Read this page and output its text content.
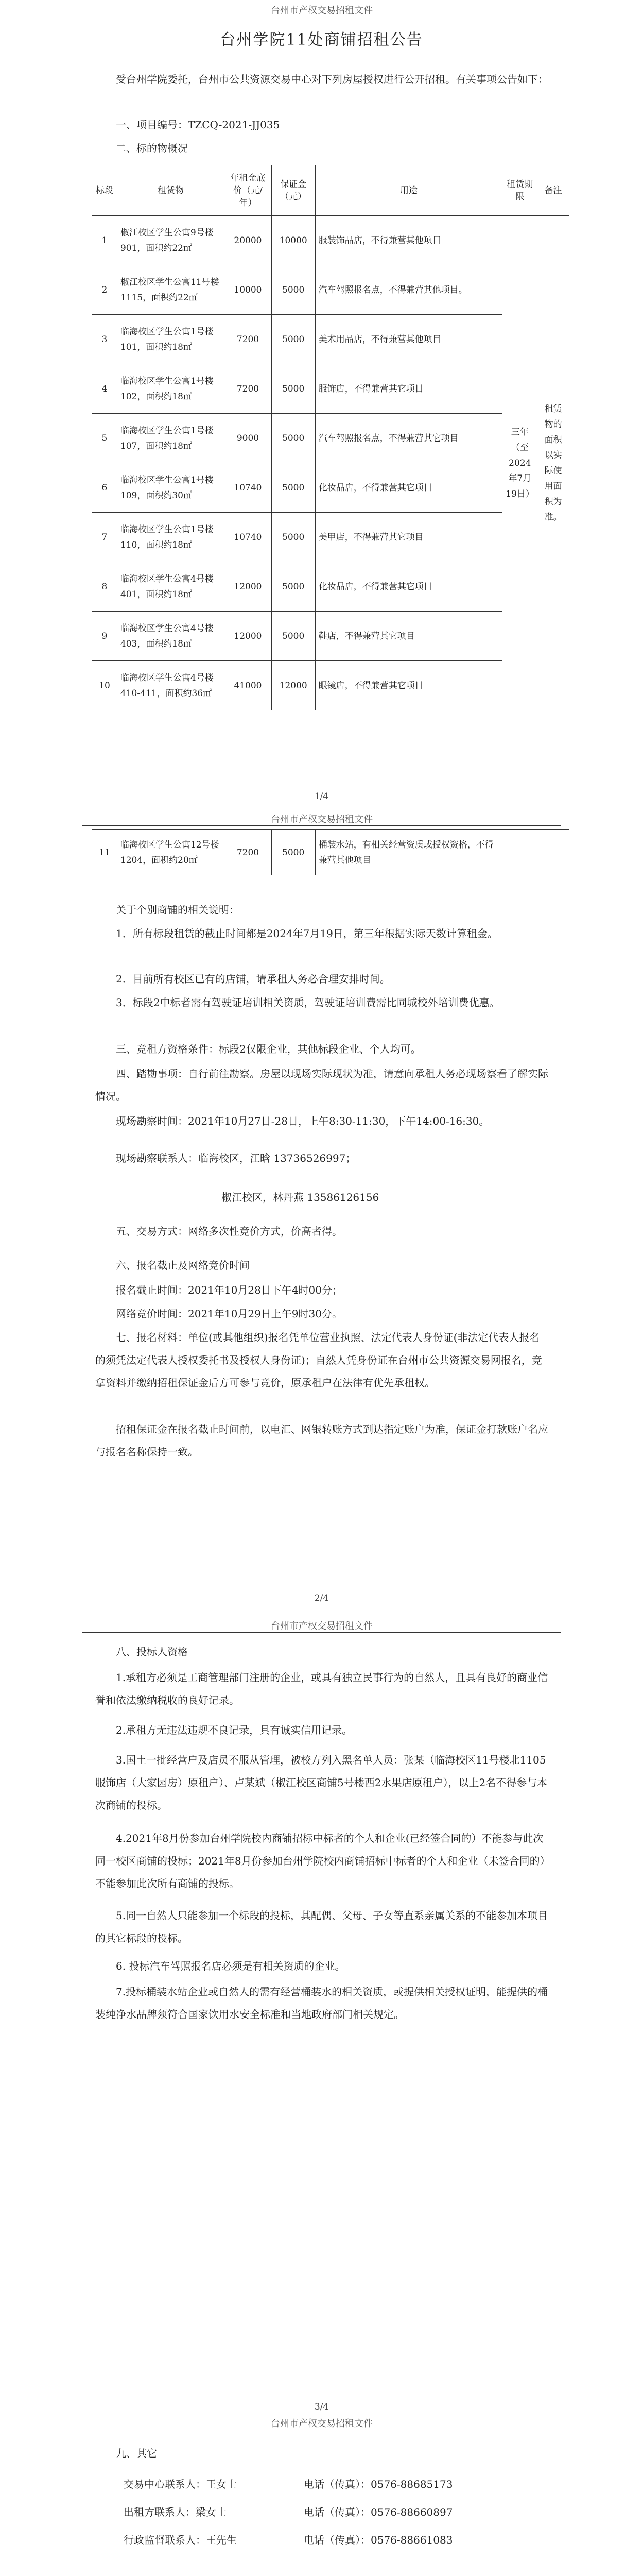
台州市产权交易招租文件
台州学院11处商铺招租公告
受台州学院委托，台州市公共资源交易中心对下列房屋授权进行公开招租。有关事项公告如下：
一、项目编号：TZCQ-2021-JJ035
二、标的物概况
标段	租赁物	年租金底价（元/年）	保证金（元）	用途	租赁期限	备注
1	椒江校区学生公寓9号楼901，面积约22㎡	20000	10000	服装饰品店，不得兼营其他项目	三年（至2024年7月19日）	租赁物的面积以实际使用面积为准。
2	椒江校区学生公寓11号楼1115，面积约22㎡	10000	5000	汽车驾照报名点，不得兼营其他项目。		
3	临海校区学生公寓1号楼101，面积约18㎡	7200	5000	美术用品店，不得兼营其他项目		
4	临海校区学生公寓1号楼102，面积约18㎡	7200	5000	服饰店，不得兼营其它项目		
5	临海校区学生公寓1号楼107，面积约18㎡	9000	5000	汽车驾照报名点，不得兼营其它项目		
6	临海校区学生公寓1号楼109，面积约30㎡	10740	5000	化妆品店，不得兼营其它项目		
7	临海校区学生公寓1号楼110，面积约18㎡	10740	5000	美甲店，不得兼营其它项目		
8	临海校区学生公寓4号楼401，面积约18㎡	12000	5000	化妆品店，不得兼营其它项目		
9	临海校区学生公寓4号楼403，面积约18㎡	12000	5000	鞋店，不得兼营其它项目		
10	临海校区学生公寓4号楼410-411，面积约36㎡	41000	12000	眼镜店，不得兼营其它项目		
1/4
台州市产权交易招租文件
11	临海校区学生公寓12号楼1204，面积约20㎡	7200	5000	桶装水站，有相关经营资质或授权资格，不得兼营其他项目		
关于个别商铺的相关说明：
1．所有标段租赁的截止时间都是2024年7月19日，第三年根据实际天数计算租金。
2．目前所有校区已有的店铺，请承租人务必合理安排时间。
3．标段2中标者需有驾驶证培训相关资质，驾驶证培训费需比同城校外培训费优惠。
三、竞租方资格条件：标段2仅限企业，其他标段企业、个人均可。
四、踏勘事项：自行前往勘察。房屋以现场实际现状为准，请意向承租人务必现场察看了解实际情况。
现场勘察时间：2021年10月27日-28日，上午8:30-11:30，下午14:00-16:30。
现场勘察联系人：临海校区，江晗 13736526997；
椒江校区，林丹燕 13586126156
五、交易方式：网络多次性竞价方式，价高者得。
六、报名截止及网络竞价时间
报名截止时间：2021年10月28日下午4时00分；
网络竞价时间：2021年10月29日上午9时30分。
七、报名材料：单位(或其他组织)报名凭单位营业执照、法定代表人身份证(非法定代表人报名的须凭法定代表人授权委托书及授权人身份证)；自然人凭身份证在台州市公共资源交易网报名，竞拿资料并缴纳招租保证金后方可参与竞价，原承租户在法律有优先承租权。
招租保证金在报名截止时间前，以电汇、网银转账方式到达指定账户为准，保证金打款账户名应与报名名称保持一致。
2/4
台州市产权交易招租文件
八、投标人资格
1.承租方必须是工商管理部门注册的企业，或具有独立民事行为的自然人，且具有良好的商业信誉和依法缴纳税收的良好记录。
2.承租方无违法违规不良记录，具有诚实信用记录。
3.国土一批经营户及店员不服从管理，被校方列入黑名单人员：张某（临海校区11号楼北1105服饰店（大家园房）原租户）、卢某斌（椒江校区商铺5号楼西2水果店原租户），以上2名不得参与本次商铺的投标。
4.2021年8月份参加台州学院校内商铺招标中标者的个人和企业(已经签合同的）不能参与此次同一校区商铺的投标；2021年8月份参加台州学院校内商铺招标中标者的个人和企业（未签合同的）不能参加此次所有商铺的投标。
5.同一自然人只能参加一个标段的投标，其配偶、父母、子女等直系亲属关系的不能参加本项目的其它标段的投标。
6. 投标汽车驾照报名店必须是有相关资质的企业。
7.投标桶装水站企业或自然人的需有经营桶装水的相关资质，或提供相关授权证明，能提供的桶装纯净水品牌须符合国家饮用水安全标准和当地政府部门相关规定。
3/4
台州市产权交易招租文件
九、其它
交易中心联系人：王女士	电话（传真）：0576-88685173
出租方联系人：梁女士	电话（传真）：0576-88660897
行政监督联系人：王先生	电话（传真）：0576-88661083
